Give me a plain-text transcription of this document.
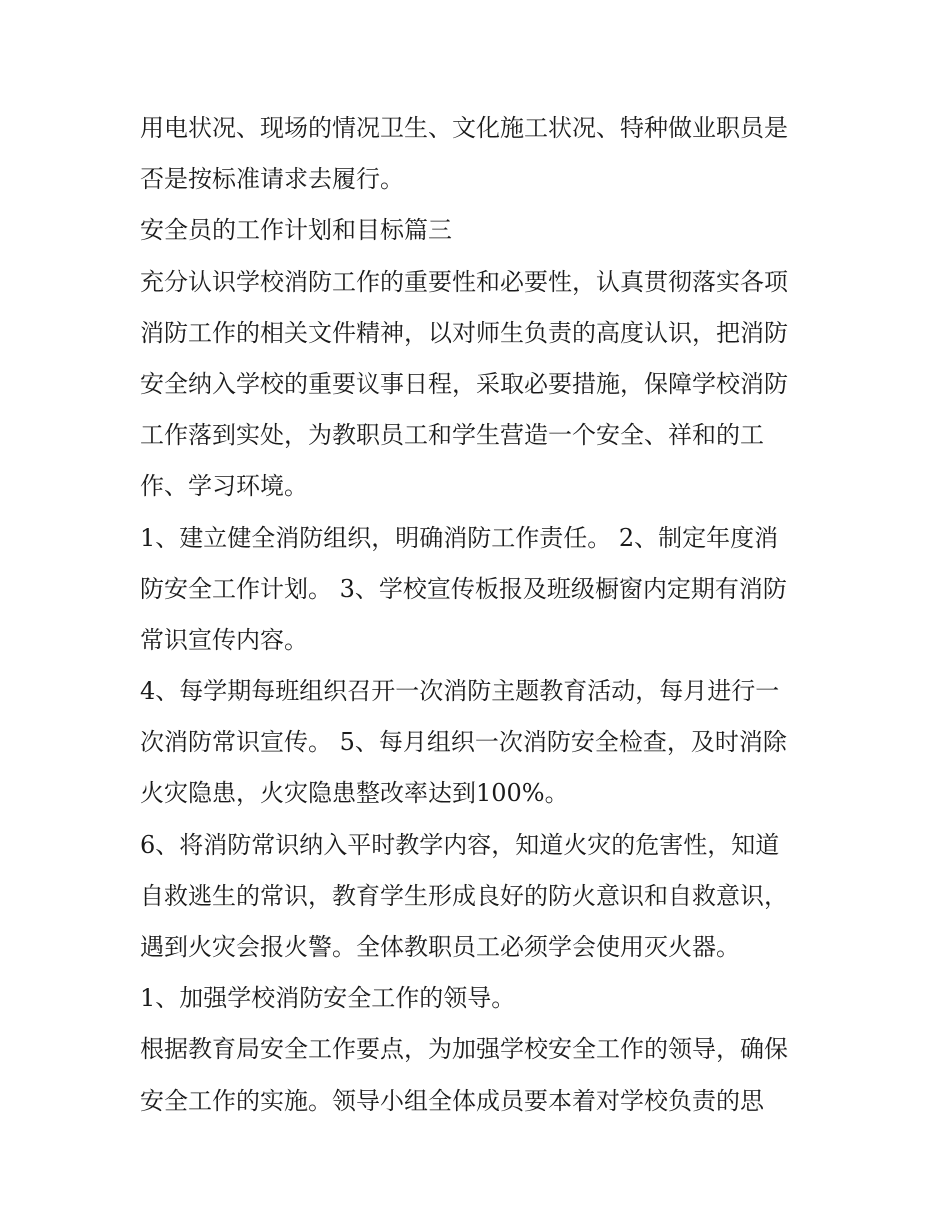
用电状况、现场的情况卫生、文化施工状况、特种做业职员是
否是按标准请求去履行。

安全员的工作计划和目标篇三

充分认识学校消防工作的重要性和必要性，认真贯彻落实各项
消防工作的相关文件精神，以对师生负责的高度认识，把消防
安全纳入学校的重要议事日程，采取必要措施，保障学校消防
工作落到实处，为教职员工和学生营造一个安全、祥和的工
作、学习环境。

1、建立健全消防组织，明确消防工作责任。 2、制定年度消
防安全工作计划。 3、学校宣传板报及班级橱窗内定期有消防
常识宣传内容。

4、每学期每班组织召开一次消防主题教育活动，每月进行一
次消防常识宣传。 5、每月组织一次消防安全检查，及时消除
火灾隐患，火灾隐患整改率达到100%。

6、将消防常识纳入平时教学内容，知道火灾的危害性，知道
自救逃生的常识，教育学生形成良好的防火意识和自救意识，
遇到火灾会报火警。全体教职员工必须学会使用灭火器。

1、加强学校消防安全工作的领导。

根据教育局安全工作要点，为加强学校安全工作的领导，确保
安全工作的实施。领导小组全体成员要本着对学校负责的思
